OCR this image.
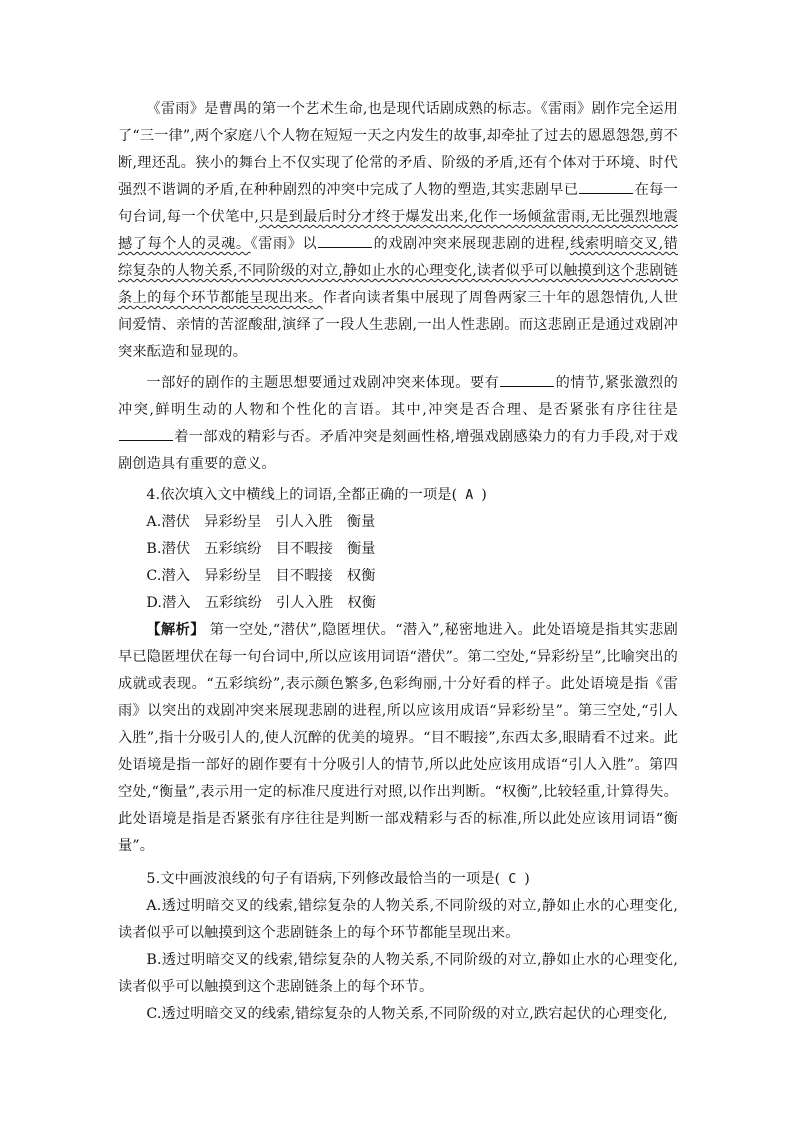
《雷雨》是曹禺的第一个艺术生命,也是现代话剧成熟的标志。《雷雨》剧作完全运用了“三一律”,两个家庭八个人物在短短一天之内发生的故事,却牵扯了过去的恩恩怨怨,剪不断,理还乱。狭小的舞台上不仅实现了伦常的矛盾、阶级的矛盾,还有个体对于环境、时代强烈不谐调的矛盾,在种种剧烈的冲突中完成了人物的塑造,其实悲剧早已	在每一句台词,每一个伏笔中,只是到最后时分才终于爆发出来,化作一场倾盆雷雨,无比强烈地震撼了每个人的灵魂。《雷雨》以	的戏剧冲突来展现悲剧的进程,线索明暗交叉,错综复杂的人物关系,不同阶级的对立,静如止水的心理变化,读者似乎可以触摸到这个悲剧链条上的每个环节都能呈现出来。作者向读者集中展现了周鲁两家三十年的恩怨情仇,人世间爱情、亲情的苦涩酸甜,演绎了一段人生悲剧,一出人性悲剧。而这悲剧正是通过戏剧冲突来酝造和显现的。

一部好的剧作的主题思想要通过戏剧冲突来体现。要有	的情节,紧张激烈的冲突,鲜明生动的人物和个性化的言语。其中,冲突是否合理、是否紧张有序往往是着一部戏的精彩与否。矛盾冲突是刻画性格,增强戏剧感染力的有力手段,对于戏剧创造具有重要的意义。

4.依次填入文中横线上的词语,全都正确的一项是( A )

A.潜伏   异彩纷呈   引人入胜   衡量

B.潜伏   五彩缤纷   目不暇接   衡量

C.潜入   异彩纷呈   目不暇接   权衡

D.潜入   五彩缤纷   引人入胜   权衡

【解析】 第一空处,“潜伏”,隐匿埋伏。“潜入”,秘密地进入。此处语境是指其实悲剧早已隐匿埋伏在每一句台词中,所以应该用词语“潜伏”。第二空处,“异彩纷呈”,比喻突出的成就或表现。“五彩缤纷”,表示颜色繁多,色彩绚丽,十分好看的样子。此处语境是指《雷雨》以突出的戏剧冲突来展现悲剧的进程,所以应该用成语“异彩纷呈”。第三空处,“引人入胜”,指十分吸引人的,使人沉醉的优美的境界。“目不暇接”,东西太多,眼睛看不过来。此处语境是指一部好的剧作要有十分吸引人的情节,所以此处应该用成语“引人入胜”。第四空处,“衡量”,表示用一定的标准尺度进行对照,以作出判断。“权衡”,比较轻重,计算得失。此处语境是指是否紧张有序往往是判断一部戏精彩与否的标准,所以此处应该用词语“衡量”。

5.文中画波浪线的句子有语病,下列修改最恰当的一项是( C )

A.透过明暗交叉的线索,错综复杂的人物关系,不同阶级的对立,静如止水的心理变化,读者似乎可以触摸到这个悲剧链条上的每个环节都能呈现出来。

B.透过明暗交叉的线索,错综复杂的人物关系,不同阶级的对立,静如止水的心理变化,读者似乎可以触摸到这个悲剧链条上的每个环节。

C.透过明暗交叉的线索,错综复杂的人物关系,不同阶级的对立,跌宕起伏的心理变化,
